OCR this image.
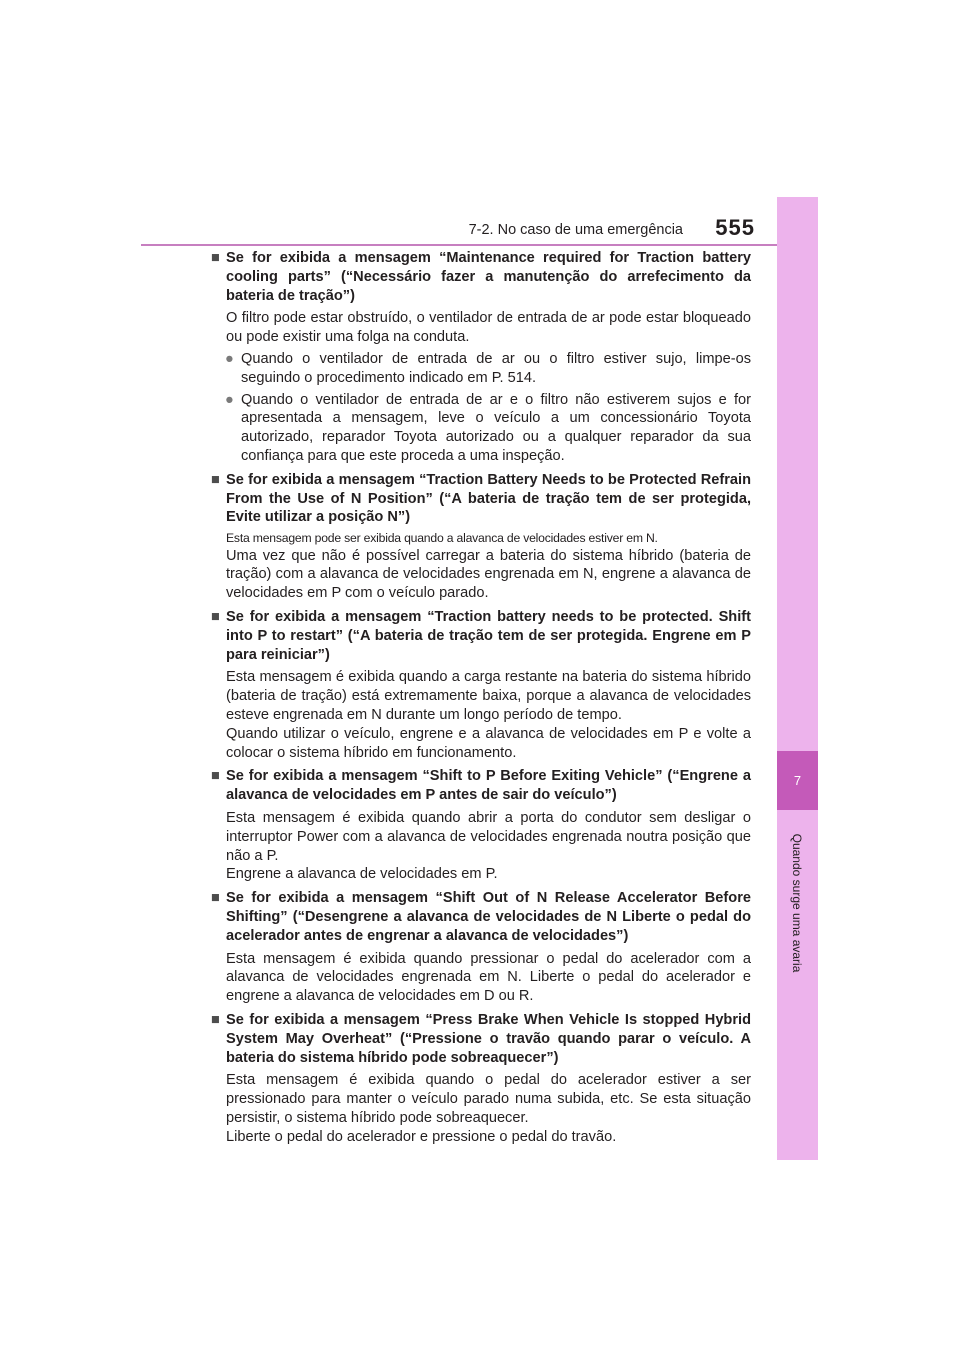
7-2. No caso de uma emergência	555
7
Quando surge uma avaria
■ Se for exibida a mensagem “Maintenance required for Traction battery cooling parts” (“Necessário fazer a manutenção do arrefecimento da bateria de tração”)
O filtro pode estar obstruído, o ventilador de entrada de ar pode estar bloqueado ou pode existir uma folga na conduta.
● Quando o ventilador de entrada de ar ou o filtro estiver sujo, limpe-os seguindo o procedimento indicado em P. 514.
● Quando o ventilador de entrada de ar e o filtro não estiverem sujos e for apresentada a mensagem, leve o veículo a um concessionário Toyota autorizado, reparador Toyota autorizado ou a qualquer reparador da sua confiança para que este proceda a uma inspeção.
■ Se for exibida a mensagem “Traction Battery Needs to be Protected Refrain From the Use of N Position” (“A bateria de tração tem de ser protegida, Evite utilizar a posição N”)
Esta mensagem pode ser exibida quando a alavanca de velocidades estiver em N.
Uma vez que não é possível carregar a bateria do sistema híbrido (bateria de tração) com a alavanca de velocidades engrenada em N, engrene a alavanca de velocidades em P com o veículo parado.
■ Se for exibida a mensagem “Traction battery needs to be protected. Shift into P to restart” (“A bateria de tração tem de ser protegida. Engrene em P para reiniciar”)
Esta mensagem é exibida quando a carga restante na bateria do sistema híbrido (bateria de tração) está extremamente baixa, porque a alavanca de velocidades esteve engrenada em N durante um longo período de tempo.
Quando utilizar o veículo, engrene e a alavanca de velocidades em P e volte a colocar o sistema híbrido em funcionamento.
■ Se for exibida a mensagem “Shift to P Before Exiting Vehicle” (“Engrene a alavanca de velocidades em P antes de sair do veículo”)
Esta mensagem é exibida quando abrir a porta do condutor sem desligar o interruptor Power com a alavanca de velocidades engrenada noutra posição que não a P.
Engrene a alavanca de velocidades em P.
■ Se for exibida a mensagem “Shift Out of N Release Accelerator Before Shifting” (“Desengrene a alavanca de velocidades de N Liberte o pedal do acelerador antes de engrenar a alavanca de velocidades”)
Esta mensagem é exibida quando pressionar o pedal do acelerador com a alavanca de velocidades engrenada em N. Liberte o pedal do acelerador e engrene a alavanca de velocidades em D ou R.
■ Se for exibida a mensagem “Press Brake When Vehicle Is stopped Hybrid System May Overheat” (“Pressione o travão quando parar o veículo. A bateria do sistema híbrido pode sobreaquecer”)
Esta mensagem é exibida quando o pedal do acelerador estiver a ser pressionado para manter o veículo parado numa subida, etc. Se esta situação persistir, o sistema híbrido pode sobreaquecer.
Liberte o pedal do acelerador e pressione o pedal do travão.
